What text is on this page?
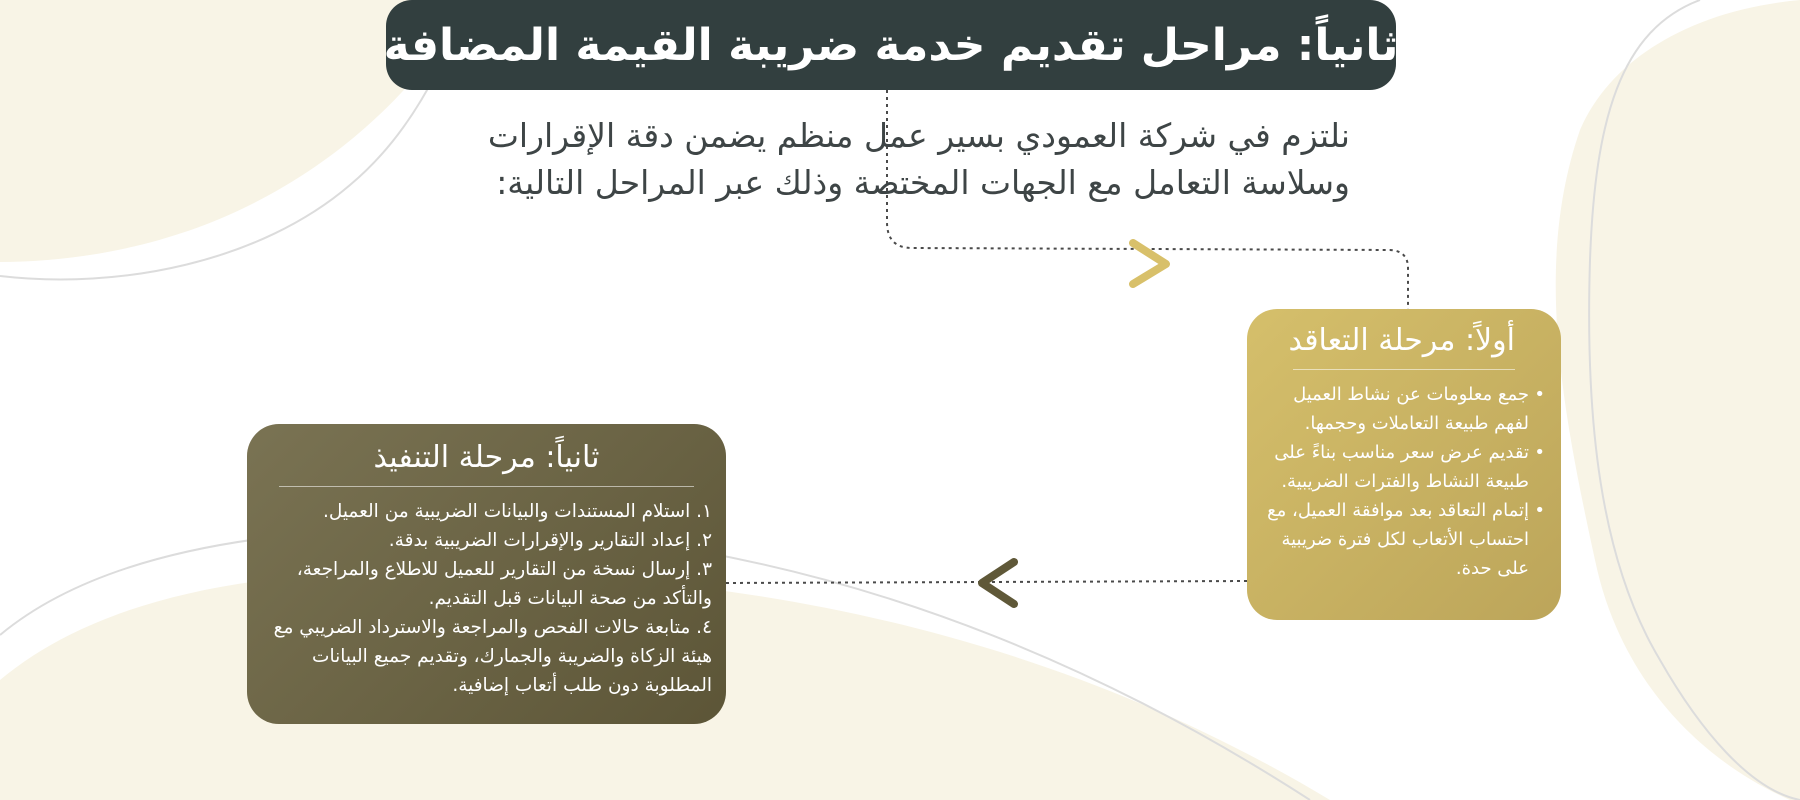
ثانياً: مراحل تقديم خدمة ضريبة القيمة المضافة
نلتزم في شركة العمودي بسير عمل منظم يضمن دقة الإقرارات
وسلاسة التعامل مع الجهات المختصة وذلك عبر المراحل التالية:
أولاً: مرحلة التعاقد
•
جمع معلومات عن نشاط العميل لفهم طبيعة التعاملات وحجمها.
•
تقديم عرض سعر مناسب بناءً على طبيعة النشاط والفترات الضريبية.
•
إتمام التعاقد بعد موافقة العميل، مع احتساب الأتعاب لكل فترة ضريبية على حدة.
ثانياً: مرحلة التنفيذ
١. استلام المستندات والبيانات الضريبية من العميل.
٢. إعداد التقارير والإقرارات الضريبية بدقة.
٣. إرسال نسخة من التقارير للعميل للاطلاع والمراجعة، والتأكد من صحة البيانات قبل التقديم.
٤. متابعة حالات الفحص والمراجعة والاسترداد الضريبي مع هيئة الزكاة والضريبة والجمارك، وتقديم جميع البيانات المطلوبة دون طلب أتعاب إضافية.
